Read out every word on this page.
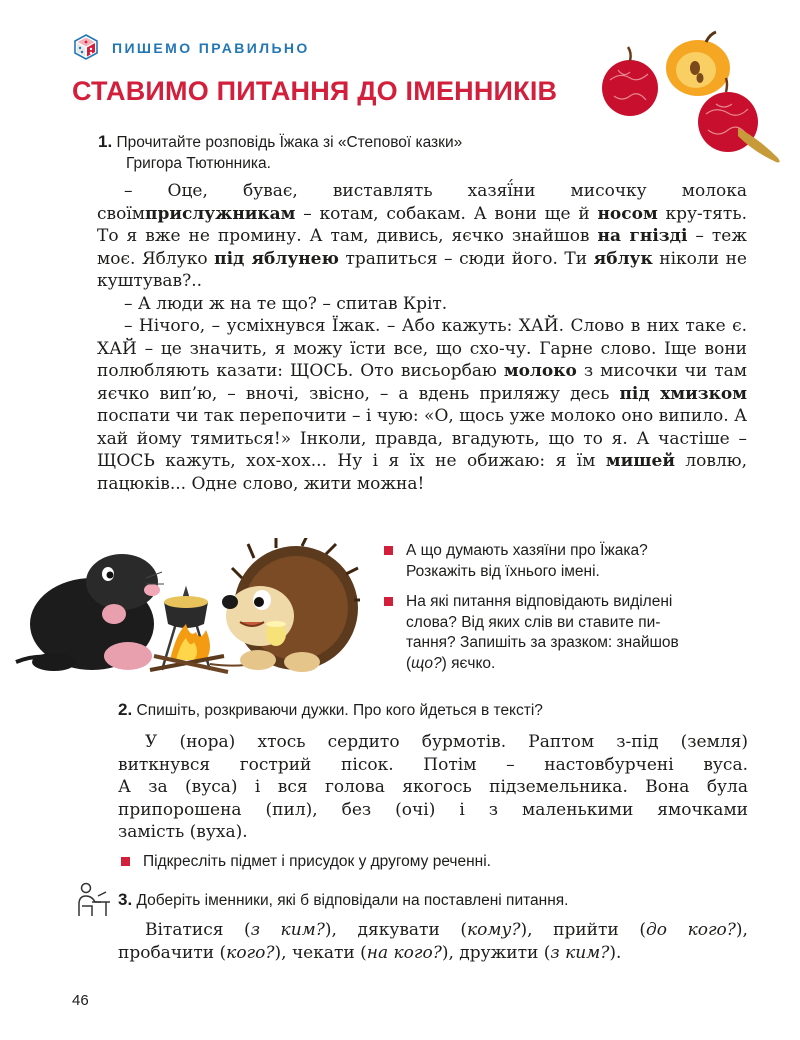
ПИШЕМО ПРАВИЛЬНО
СТАВИМО ПИТАННЯ ДО ІМЕННИКІВ
1. Прочитайте розповідь Їжака зі «Степової казки»
Григора Тютюнника.

– Оце, буває, виставлять хазяї́ни мисочку молока своїмприслужникам – котам, собакам. А вони ще й носом кру-тять. То я вже не промину. А там, дивись, яєчко знайшов на гнізді – теж моє. Яблуко під яблунею трапиться – сюди його. Ти яблук ніколи не куштував?..

– А люди ж на те що? – спитав Кріт.

– Нічого, – усміхнувся Їжак. – Або кажуть: ХАЙ. Слово в них таке є. ХАЙ – це значить, я можу їсти все, що схо-чу. Гарне слово. Іще вони полюбляють казати: ЩОСЬ. Ото висьорбаю молоко з мисочки чи там яєчко вип’ю, – вночі, звісно, – а вдень приляжу десь під хмизком поспати чи так перепочити – і чую: «О, щось уже молоко оно випило. А хай йому тямиться!» Інколи, правда, вгадують, що то я. А частіше – ЩОСЬ кажуть, хох-хох... Ну і я їх не обижаю: я їм мишей ловлю, пацюків... Одне слово, жити можна!

А що думають хазяїни про Їжака?
Розкажіть від їхнього імені.
На які питання відповідають виділені
слова? Від яких слів ви ставите пи-
тання? Запишіть за зразком: знайшов
(що?) яєчко.
2. Спишіть, розкриваючи дужки. Про кого йдеться в тексті?

У (нора) хтось сердито бурмотів. Раптом з-під (земля)

виткнувся гострий пісок. Потім – настовбурчені вуса.

А за (вуса) і вся голова якогось підземельника. Вона була

припорошена (пил), без (очі) і з маленькими ямочками

замість (вуха).

Підкресліть підмет і присудок у другому реченні.
3. Доберіть іменники, які б відповідали на поставлені питання.

Вітатися (з ким?), дякувати (кому?), прийти (до кого?),

пробачити (кого?), чекати (на кого?), дружити (з ким?).

46
